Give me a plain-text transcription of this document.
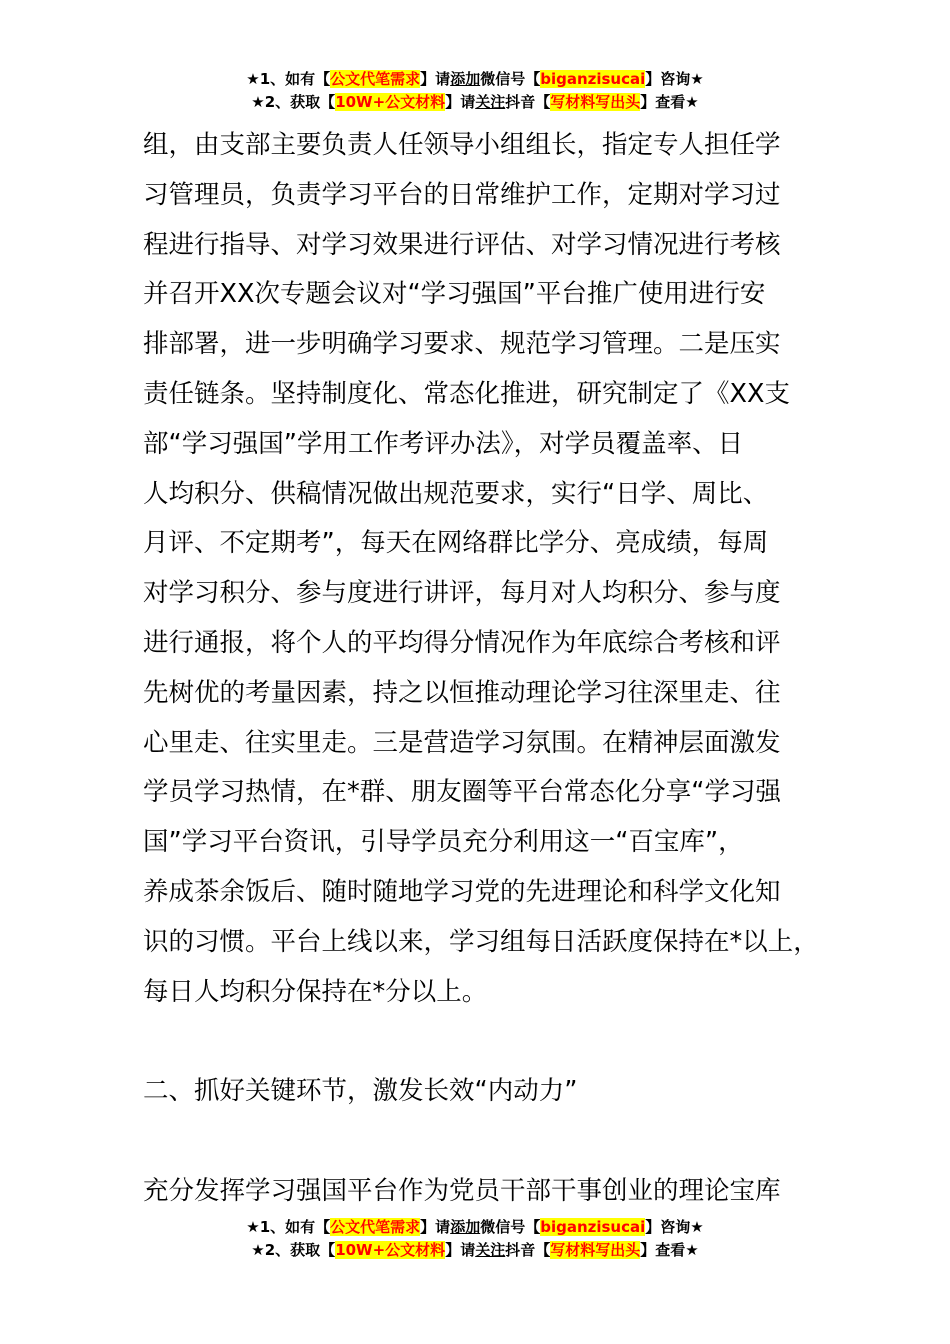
★1、如有【公文代笔需求】请添加微信号【biganzisucai】咨询★
★2、获取【10W+公文材料】请关注抖音【写材料写出头】查看★
组，由支部主要负责人任领导小组组长，指定专人担任学
习管理员，负责学习平台的日常维护工作，定期对学习过
程进行指导、对学习效果进行评估、对学习情况进行考核
并召开XX次专题会议对“学习强国”平台推广使用进行安
排部署，进一步明确学习要求、规范学习管理。二是压实
责任链条。坚持制度化、常态化推进，研究制定了《XX支
部“学习强国”学用工作考评办法》，对学员覆盖率、日
人均积分、供稿情况做出规范要求，实行“日学、周比、
月评、不定期考”，每天在网络群比学分、亮成绩，每周
对学习积分、参与度进行讲评，每月对人均积分、参与度
进行通报，将个人的平均得分情况作为年底综合考核和评
先树优的考量因素，持之以恒推动理论学习往深里走、往
心里走、往实里走。三是营造学习氛围。在精神层面激发
学员学习热情，在*群、朋友圈等平台常态化分享“学习强
国”学习平台资讯，引导学员充分利用这一“百宝库”，
养成茶余饭后、随时随地学习党的先进理论和科学文化知
识的习惯。平台上线以来，学习组每日活跃度保持在*以上，
每日人均积分保持在*分以上。
二、抓好关键环节，激发长效“内动力”
充分发挥学习强国平台作为党员干部干事创业的理论宝库
★1、如有【公文代笔需求】请添加微信号【biganzisucai】咨询★
★2、获取【10W+公文材料】请关注抖音【写材料写出头】查看★
